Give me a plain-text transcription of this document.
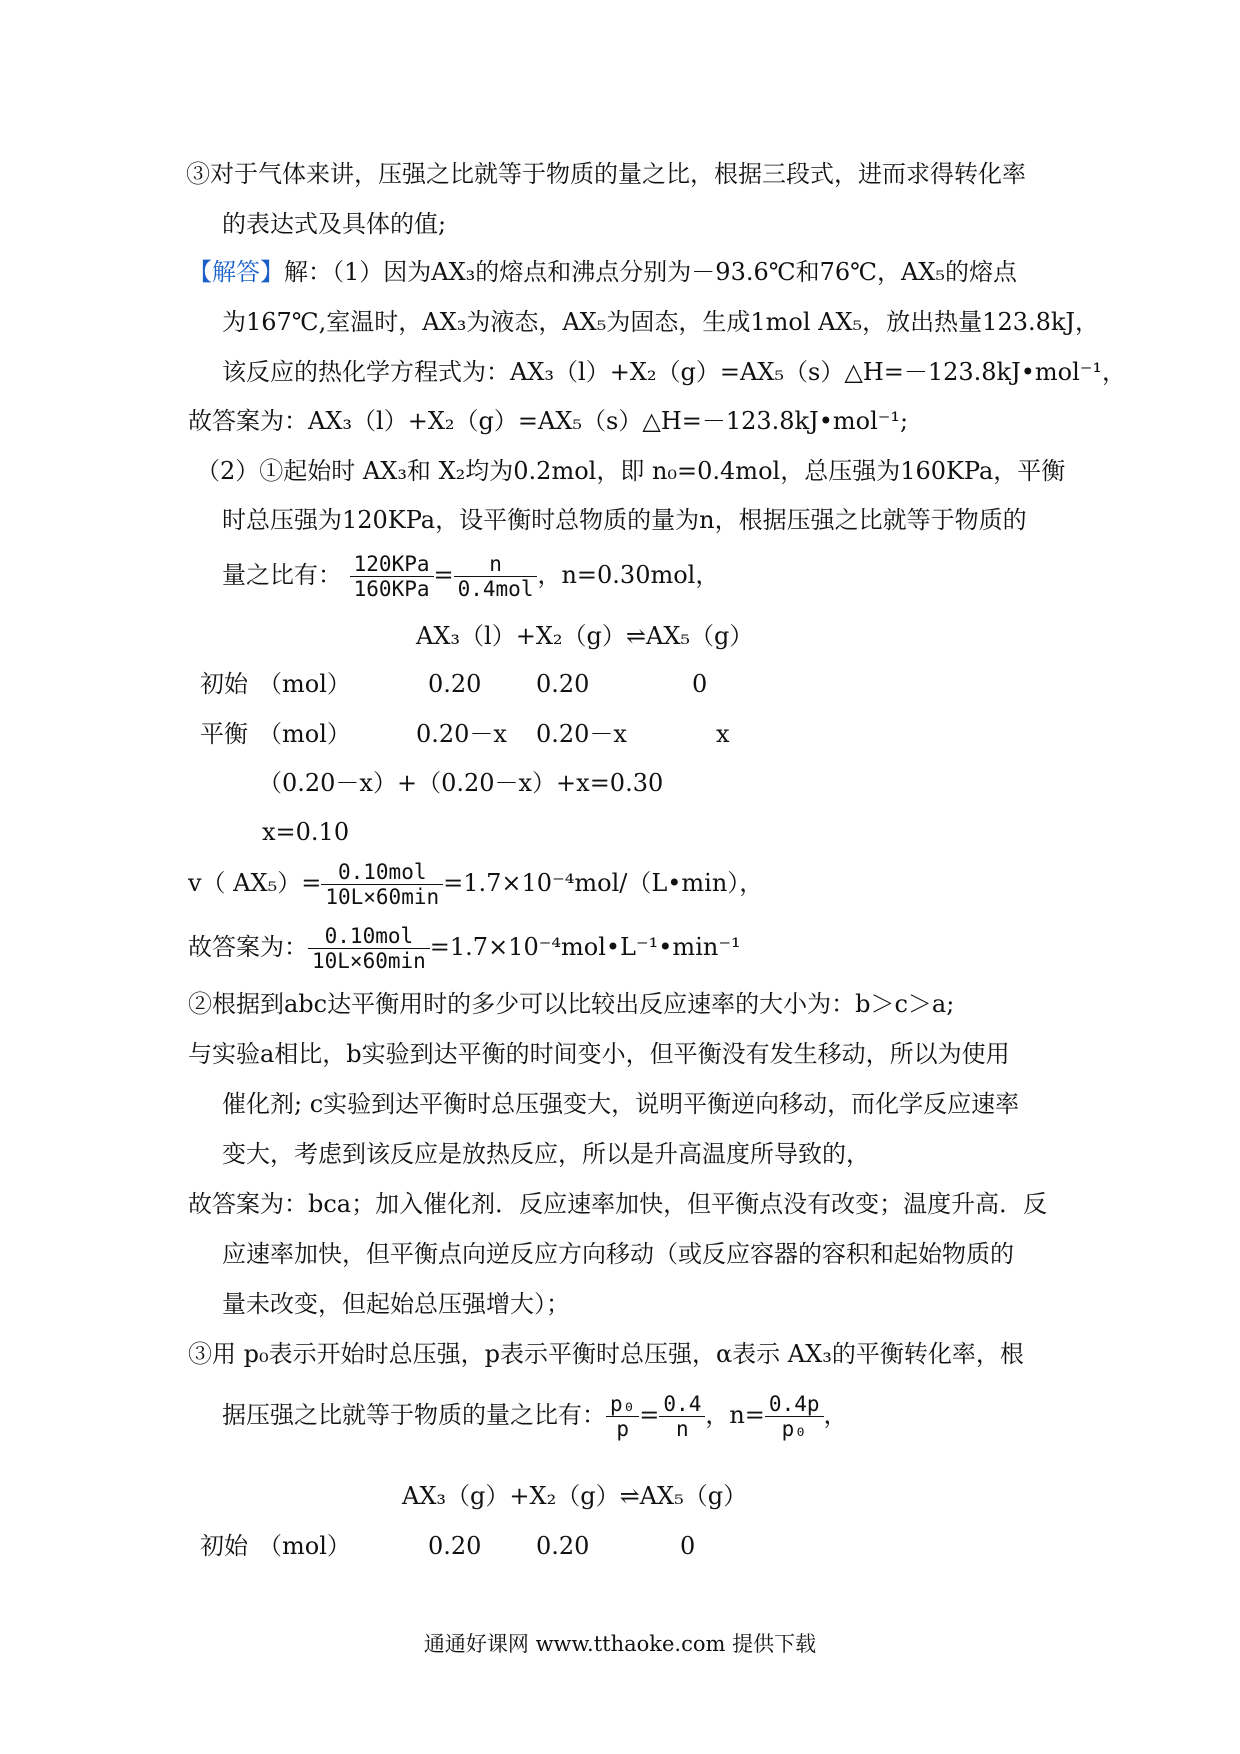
③对于气体来讲，压强之比就等于物质的量之比，根据三段式，进而求得转化率
的表达式及具体的值;
【解答】解：（1）因为AX₃的熔点和沸点分别为－93.6℃和76℃，AX₅的熔点
为167℃,室温时，AX₃为液态，AX₅为固态，生成1mol AX₅，放出热量123.8kJ，
该反应的热化学方程式为：AX₃（l）+X₂（g）=AX₅（s）△H=－123.8kJ•mol⁻¹，
故答案为：AX₃（l）+X₂（g）=AX₅（s）△H=－123.8kJ•mol⁻¹;
（2）①起始时 AX₃和 X₂均为0.2mol，即 n₀=0.4mol，总压强为160KPa，平衡
时总压强为120KPa，设平衡时总物质的量为n，根据压强之比就等于物质的
量之比有： $\frac{\text{120KPa}}{\text{160KPa}} = \frac{n}{\text{0.4mol}}$ ，n=0.30mol，
AX₃（l）+X₂（g）⇌AX₅（g）
初始 （mol）	0.20 0.20	0
平衡 （mol）	0.20－x 0.20－x	x
（0.20－x）+（0.20－x）+x=0.30
x=0.10
v（ $AX_5)= \frac{\text{0.10mol}}{10L\times 60\min}$ =1.7×10⁻⁴mol/（L•min），
故答案为： $\frac{\text{0.10mol}}{10L\times 60\min}$ =1.7×10⁻⁴mol•L⁻¹•min⁻¹
②根据到abc达平衡用时的多少可以比较出反应速率的大小为：b＞c＞a;
与实验a相比，b实验到达平衡的时间变小，但平衡没有发生移动，所以为使用
催化剂; c实验到达平衡时总压强变大，说明平衡逆向移动，而化学反应速率
变大，考虑到该反应是放热反应，所以是升高温度所导致的，
故答案为：bca；加入催化剂．反应速率加快，但平衡点没有改变；温度升高．反
应速率加快，但平衡点向逆反应方向移动（或反应容器的容积和起始物质的
量未改变，但起始总压强增大）；
③用 p₀表示开始时总压强，p表示平衡时总压强，α表示 AX₃的平衡转化率，根
据压强之比就等于物质的量之比有： $\frac{\text{p₀}}{p} = \frac{0.4}{n}$ ，$n= \frac{0.4p}{\text{p₀}}$ ，
AX₃（g）+X₂（g）⇌AX₅（g）
初始 （mol）	0.20 0.20	0
通通好课网 www.tthaoke.com 提供下载
